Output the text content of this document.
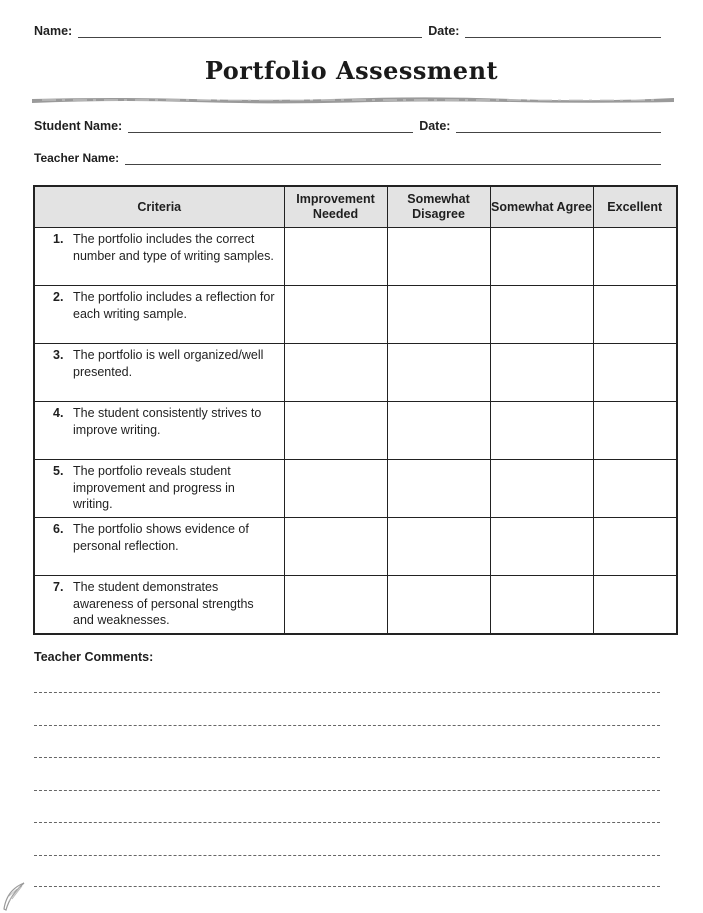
Name:	Date:
Portfolio Assessment
Student Name:	Date:
Teacher Name:
Criteria	Improvement Needed	Somewhat Disagree	Somewhat Agree	Excellent

1. The portfolio includes the correct number and type of writing samples.				

2. The portfolio includes a reflection for each writing sample.				

3. The portfolio is well organized/well presented.				

4. The student consistently strives to improve writing.				

5. The portfolio reveals student improvement and progress in writing.				

6. The portfolio shows evidence of personal reflection.				

7. The student demonstrates awareness of personal strengths and weaknesses.				

Teacher Comments:
